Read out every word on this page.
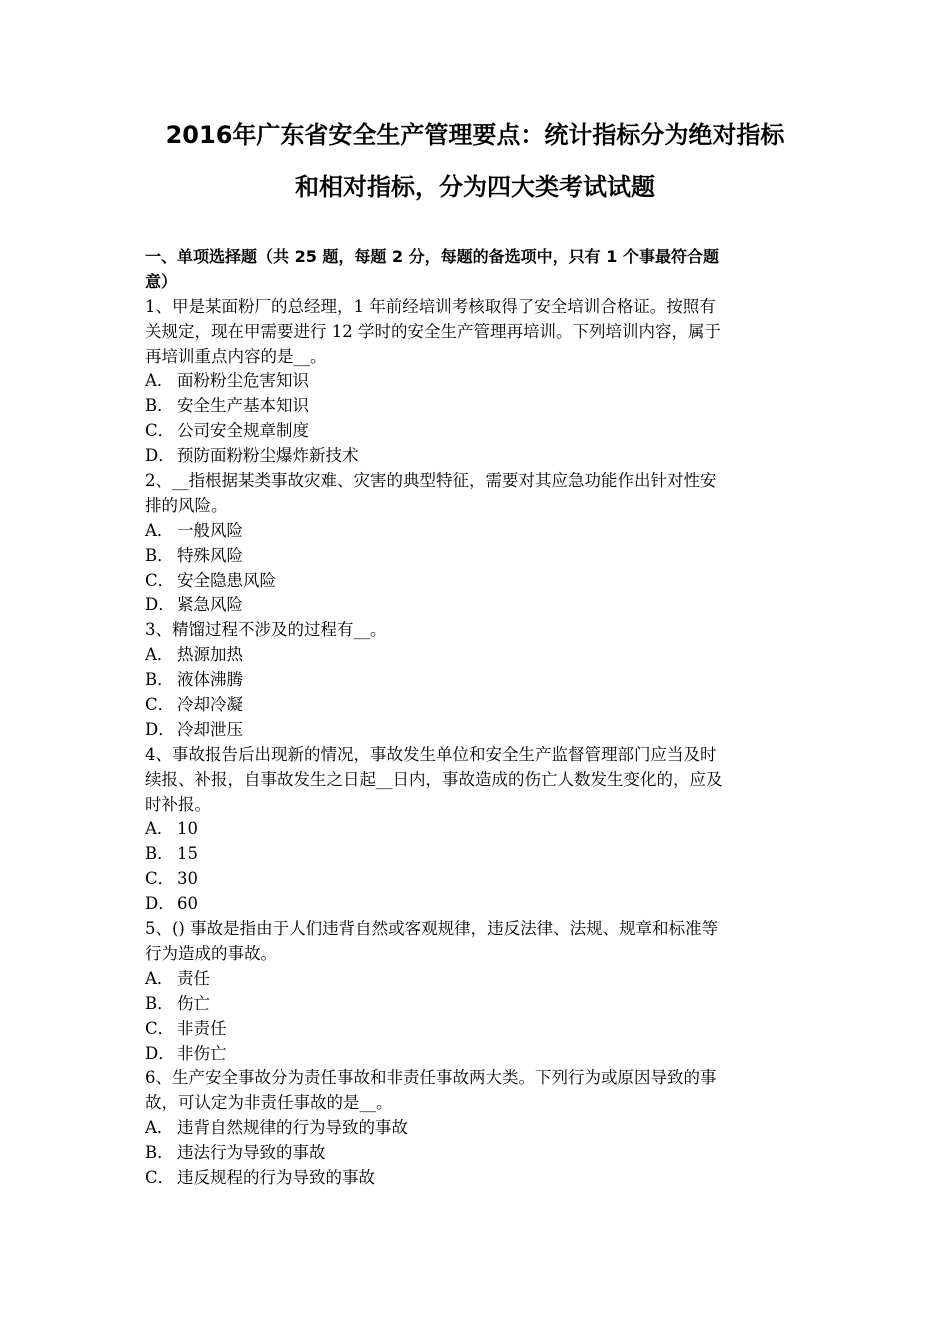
2016年广东省安全生产管理要点：统计指标分为绝对指标
和相对指标，分为四大类考试试题
一、单项选择题（共 25 题，每题 2 分，每题的备选项中，只有 1 个事最符合题
意）
1、甲是某面粉厂的总经理，1 年前经培训考核取得了安全培训合格证。按照有
关规定，现在甲需要进行 12 学时的安全生产管理再培训。下列培训内容，属于
再培训重点内容的是__。
A． 面粉粉尘危害知识
B． 安全生产基本知识
C． 公司安全规章制度
D． 预防面粉粉尘爆炸新技术
2、__指根据某类事故灾难、灾害的典型特征，需要对其应急功能作出针对性安
排的风险。
A． 一般风险
B． 特殊风险
C． 安全隐患风险
D． 紧急风险
3、精馏过程不涉及的过程有__。
A． 热源加热
B． 液体沸腾
C． 冷却冷凝
D． 冷却泄压
4、事故报告后出现新的情况，事故发生单位和安全生产监督管理部门应当及时
续报、补报，自事故发生之日起__日内，事故造成的伤亡人数发生变化的，应及
时补报。
A． 10
B． 15
C． 30
D． 60
5、() 事故是指由于人们违背自然或客观规律，违反法律、法规、规章和标准等
行为造成的事故。
A． 责任
B． 伤亡
C． 非责任
D． 非伤亡
6、生产安全事故分为责任事故和非责任事故两大类。下列行为或原因导致的事
故，可认定为非责任事故的是__。
A． 违背自然规律的行为导致的事故
B． 违法行为导致的事故
C． 违反规程的行为导致的事故
